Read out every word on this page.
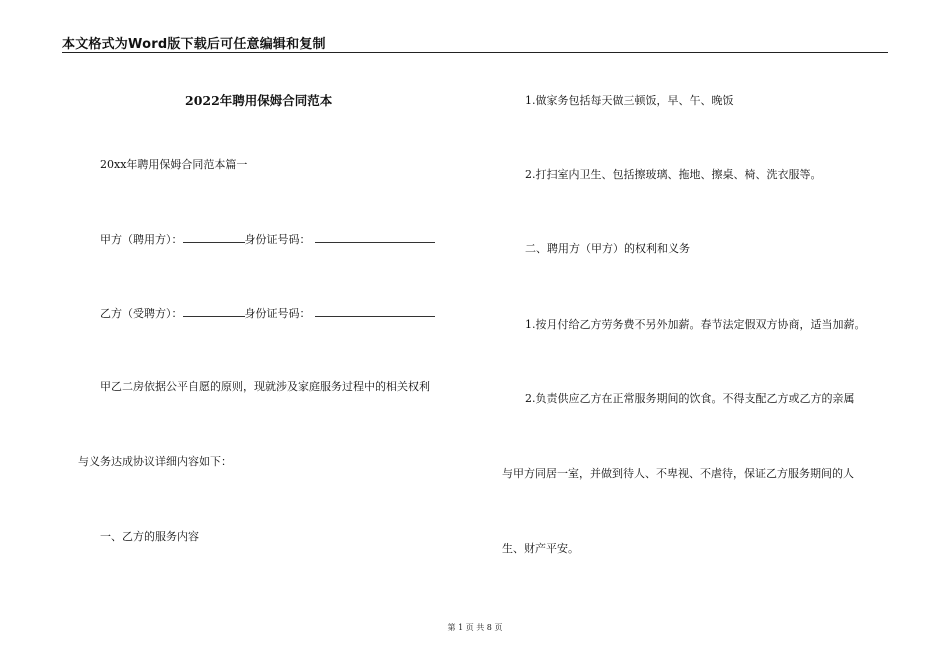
本文格式为Word版下载后可任意编辑和复制
2022年聘用保姆合同范本
20xx年聘用保姆合同范本篇一
甲方（聘用方）：	身份证号码：
乙方（受聘方）：	身份证号码：
甲乙二房依据公平自愿的原则，现就涉及家庭服务过程中的相关权利
与义务达成协议详细内容如下：
一、乙方的服务内容
1.做家务包括每天做三顿饭，早、午、晚饭
2.打扫室内卫生、包括擦玻璃、拖地、擦桌、椅、洗衣服等。
二、聘用方（甲方）的权利和义务
1.按月付给乙方劳务费不另外加薪。春节法定假双方协商，适当加薪。
2.负责供应乙方在正常服务期间的饮食。不得支配乙方或乙方的亲属
与甲方同居一室，并做到待人、不卑视、不虐待，保证乙方服务期间的人
生、财产平安。
第 1 页 共 8 页
